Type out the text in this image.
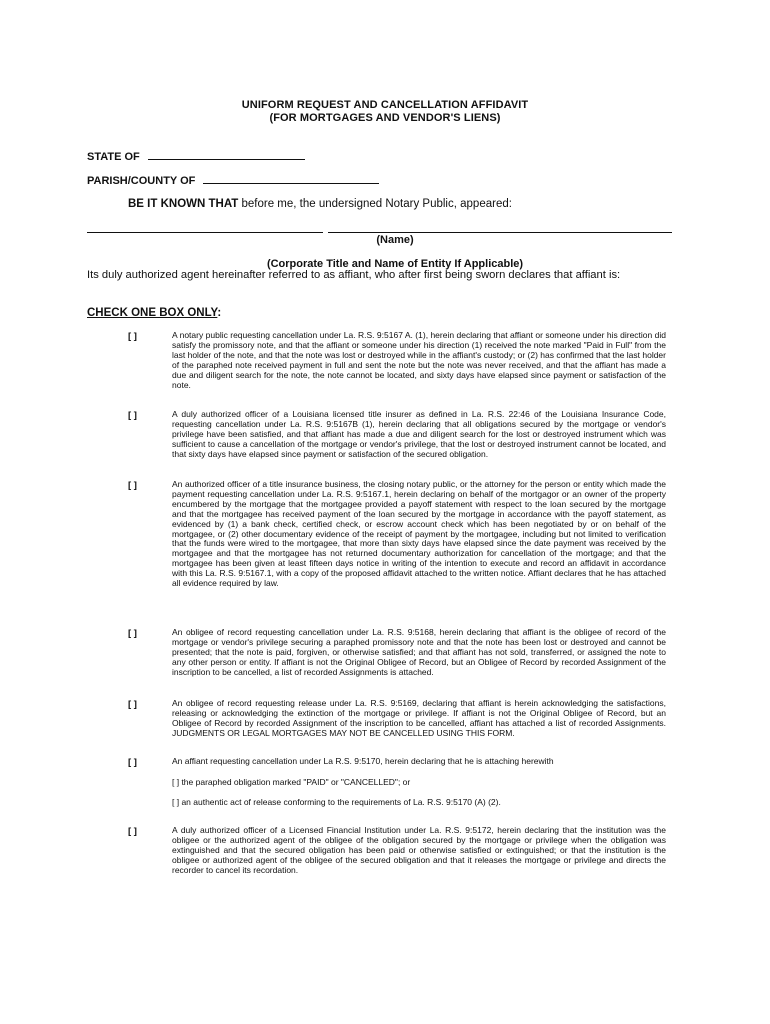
UNIFORM REQUEST AND CANCELLATION AFFIDAVIT
(FOR MORTGAGES AND VENDOR'S LIENS)
STATE OF
PARISH/COUNTY OF
BE IT KNOWN THAT before me, the undersigned Notary Public, appeared:
(Name)
(Corporate Title and Name of Entity If Applicable)
Its duly authorized agent hereinafter referred to as affiant, who after first being sworn declares that affiant is:
CHECK ONE BOX ONLY:
[ ]	A notary public requesting cancellation under La. R.S. 9:5167 A. (1), herein declaring that affiant or someone under his direction did satisfy the promissory note, and that the affiant or someone under his direction (1) received the note marked "Paid in Full" from the last holder of the note, and that the note was lost or destroyed while in the affiant's custody; or (2) has confirmed that the last holder of the paraphed note received payment in full and sent the note but the note was never received, and that the affiant has made a due and diligent search for the note, the note cannot be located, and sixty days have elapsed since payment or satisfaction of the note.
[ ]	A duly authorized officer of a Louisiana licensed title insurer as defined in La. R.S. 22:46 of the Louisiana Insurance Code, requesting cancellation under La. R.S. 9:5167B (1), herein declaring that all obligations secured by the mortgage or vendor's privilege have been satisfied, and that affiant has made a due and diligent search for the lost or destroyed instrument which was sufficient to cause a cancellation of the mortgage or vendor's privilege, that the lost or destroyed instrument cannot be located, and that sixty days have elapsed since payment or satisfaction of the secured obligation.
[ ]	An authorized officer of a title insurance business, the closing notary public, or the attorney for the person or entity which made the payment requesting cancellation under La. R.S. 9:5167.1, herein declaring on behalf of the mortgagor or an owner of the property encumbered by the mortgage that the mortgagee provided a payoff statement with respect to the loan secured by the mortgage and that the mortgagee has received payment of the loan secured by the mortgage in accordance with the payoff statement, as evidenced by (1) a bank check, certified check, or escrow account check which has been negotiated by or on behalf of the mortgagee, or (2) other documentary evidence of the receipt of payment by the mortgagee, including but not limited to verification that the funds were wired to the mortgagee, that more than sixty days have elapsed since the date payment was received by the mortgagee and that the mortgagee has not returned documentary authorization for cancellation of the mortgage; and that the mortgagee has been given at least fifteen days notice in writing of the intention to execute and record an affidavit in accordance with this La. R.S. 9:5167.1, with a copy of the proposed affidavit attached to the written notice. Affiant declares that he has attached all evidence required by law.
[ ]	An obligee of record requesting cancellation under La. R.S. 9:5168, herein declaring that affiant is the obligee of record of the mortgage or vendor's privilege securing a paraphed promissory note and that the note has been lost or destroyed and cannot be presented; that the note is paid, forgiven, or otherwise satisfied; and that affiant has not sold, transferred, or assigned the note to any other person or entity. If affiant is not the Original Obligee of Record, but an Obligee of Record by recorded Assignment of the inscription to be cancelled, a list of recorded Assignments is attached.
[ ]	An obligee of record requesting release under La. R.S. 9:5169, declaring that affiant is herein acknowledging the satisfactions, releasing or acknowledging the extinction of the mortgage or privilege. If affiant is not the Original Obligee of Record, but an Obligee of Record by recorded Assignment of the inscription to be cancelled, affiant has attached a list of recorded Assignments. JUDGMENTS OR LEGAL MORTGAGES MAY NOT BE CANCELLED USING THIS FORM.
[ ]	An affiant requesting cancellation under La R.S. 9:5170, herein declaring that he is attaching herewith
[ ] the paraphed obligation marked "PAID" or "CANCELLED"; or
[ ] an authentic act of release conforming to the requirements of La. R.S. 9:5170 (A) (2).
[ ]	A duly authorized officer of a Licensed Financial Institution under La. R.S. 9:5172, herein declaring that the institution was the obligee or the authorized agent of the obligee of the obligation secured by the mortgage or privilege when the obligation was extinguished and that the secured obligation has been paid or otherwise satisfied or extinguished; or that the institution is the obligee or authorized agent of the obligee of the secured obligation and that it releases the mortgage or privilege and directs the recorder to cancel its recordation.
